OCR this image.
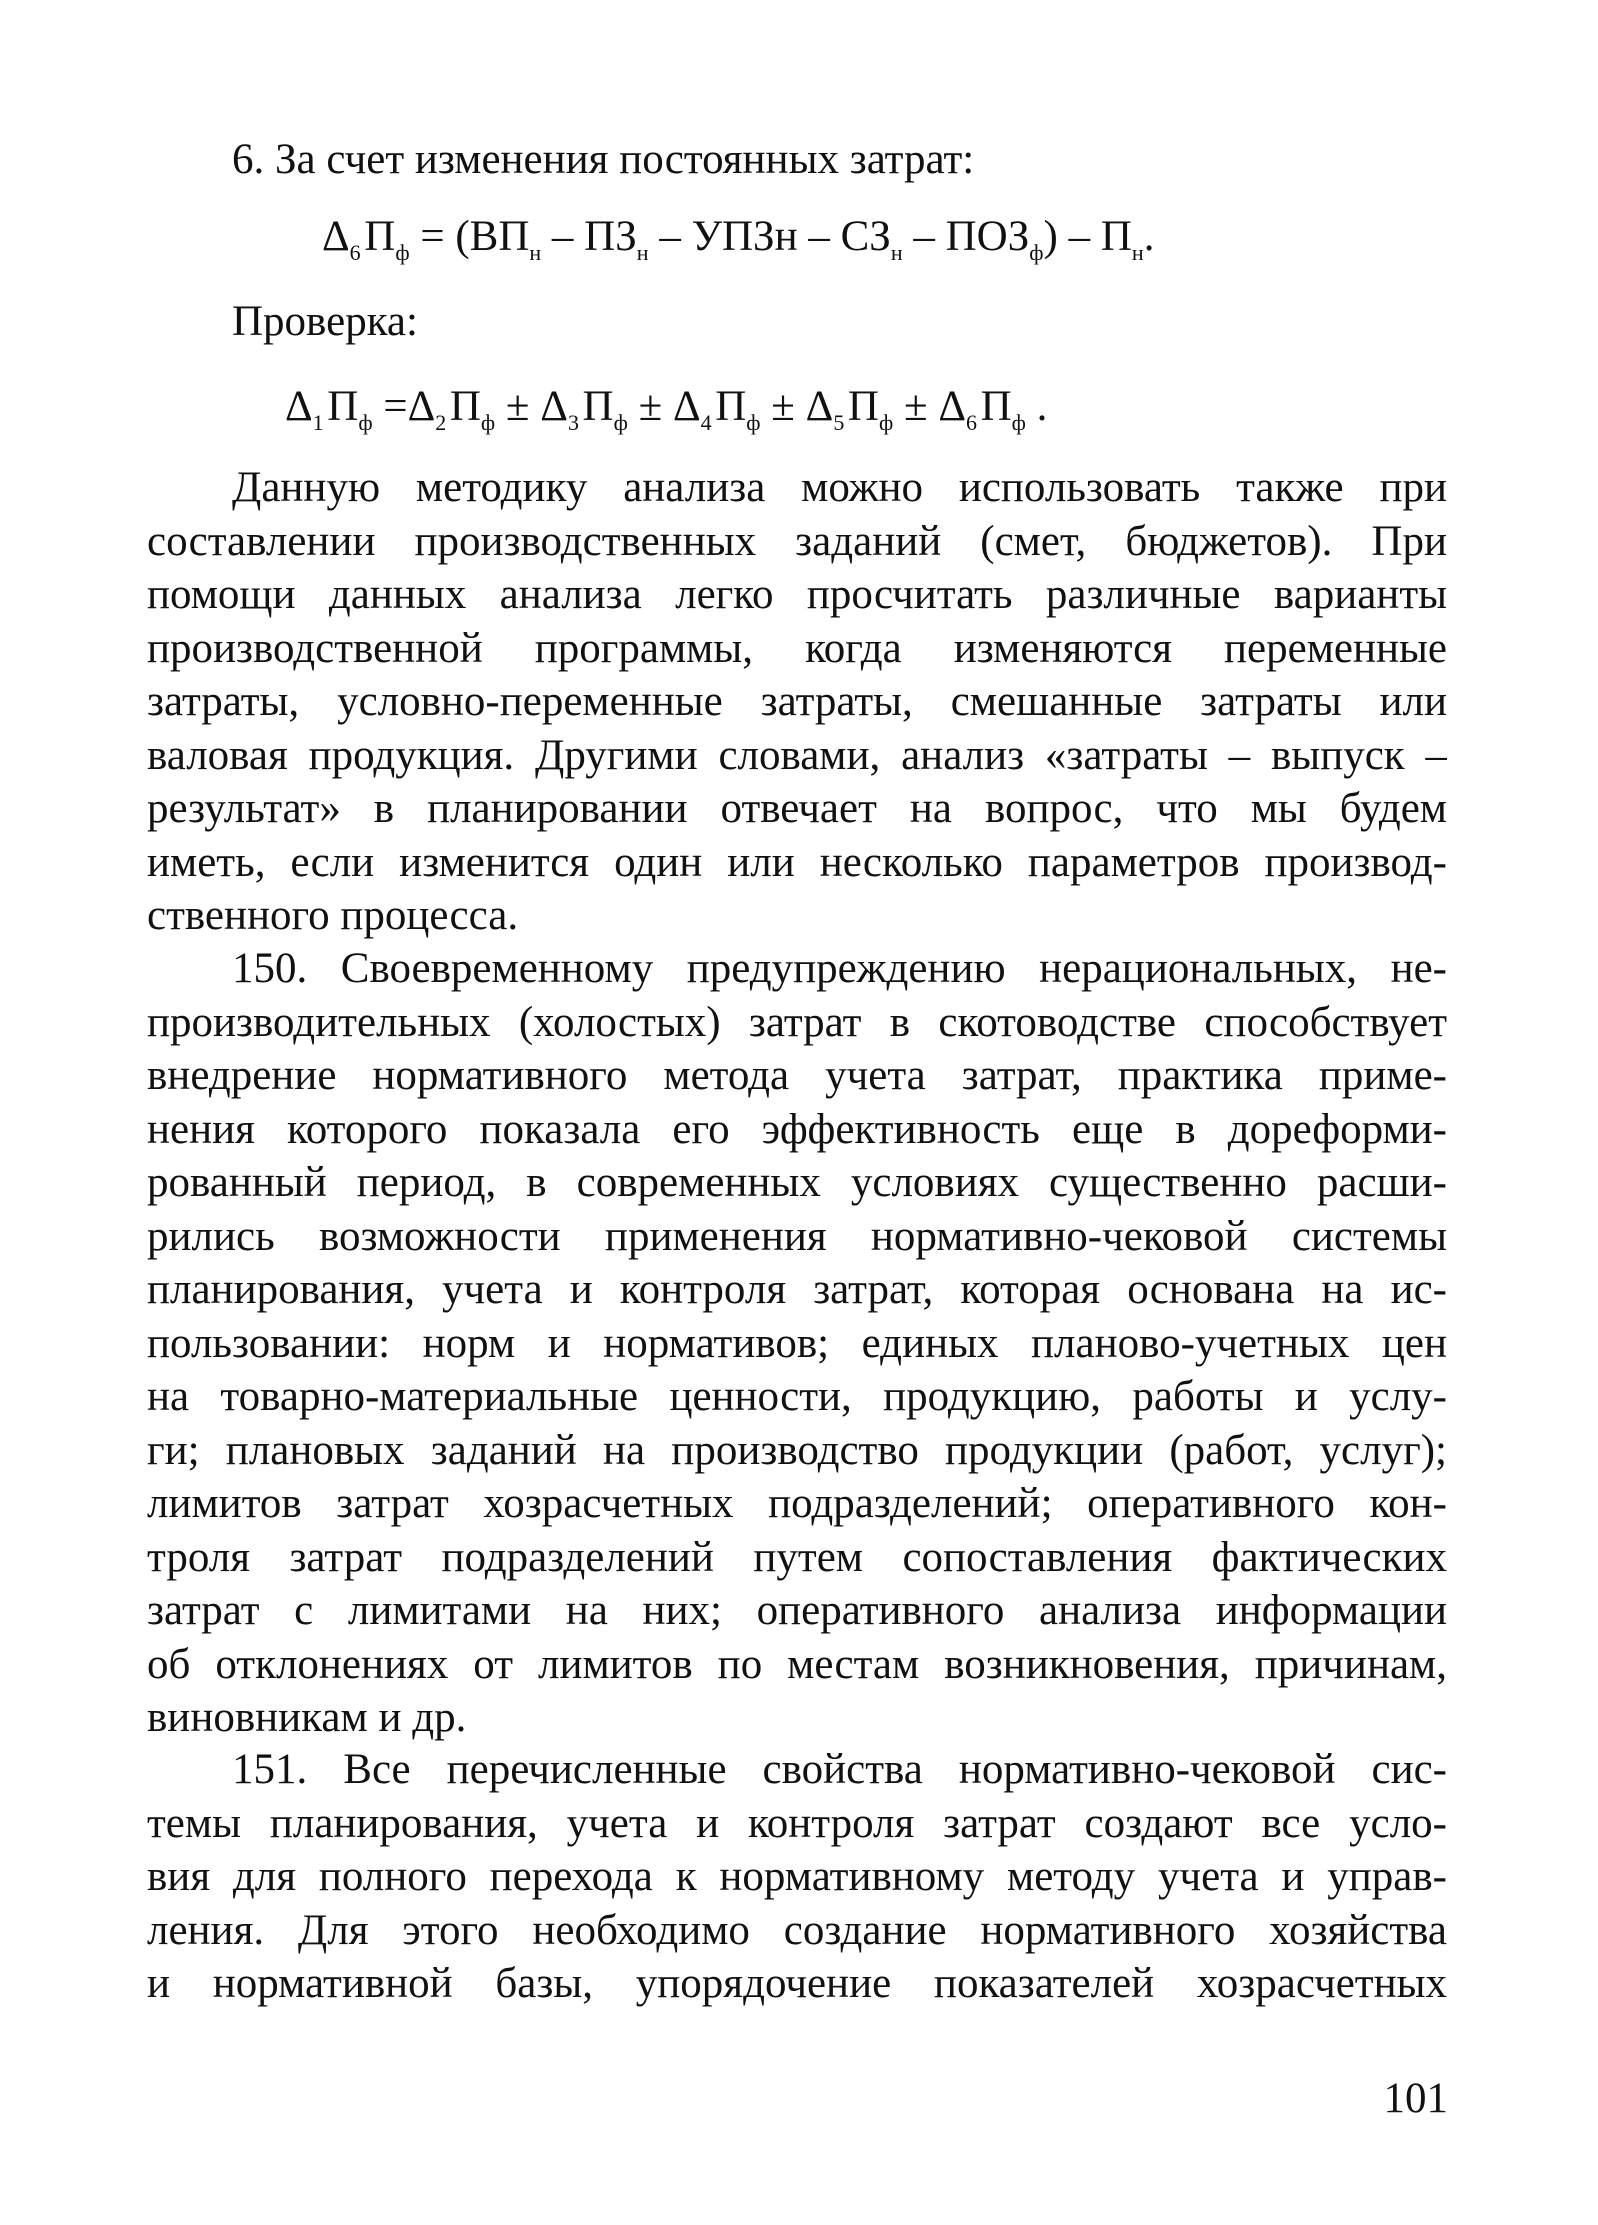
6. За счет изменения постоянных затрат:
$\Delta_6$ $П_ф = (ВП_н - ПЗ_н$ – УПЗн – $СЗ_н - ПОЗ_ф) - П_н$.
Проверка:
$\Delta_1$ $П_ф =\Delta_2$ $П_ф \pm \Delta_3$ $П_ф \pm \Delta_4$ $П_ф \pm \Delta_5$ $П_ф \pm \Delta_6$ $П_ф$ .
Данную методику анализа можно использовать также при
составлении производственных заданий (смет, бюджетов). При
помощи данных анализа легко просчитать различные варианты
производственной программы, когда изменяются переменные
затраты, условно-переменные затраты, смешанные затраты или
валовая продукция. Другими словами, анализ «затраты – выпуск –
результат» в планировании отвечает на вопрос, что мы будем
иметь, если изменится один или несколько параметров производ-
ственного процесса.
150. Своевременному предупреждению нерациональных, не-
производительных (холостых) затрат в скотоводстве способствует
внедрение нормативного метода учета затрат, практика приме-
нения которого показала его эффективность еще в дореформи-
рованный период, в современных условиях существенно расши-
рились возможности применения нормативно-чековой системы
планирования, учета и контроля затрат, которая основана на ис-
пользовании: норм и нормативов; единых планово-учетных цен
на товарно-материальные ценности, продукцию, работы и услу-
ги; плановых заданий на производство продукции (работ, услуг);
лимитов затрат хозрасчетных подразделений; оперативного кон-
троля затрат подразделений путем сопоставления фактических
затрат с лимитами на них; оперативного анализа информации
об отклонениях от лимитов по местам возникновения, причинам,
виновникам и др.
151. Все перечисленные свойства нормативно-чековой сис-
темы планирования, учета и контроля затрат создают все усло-
вия для полного перехода к нормативному методу учета и управ-
ления. Для этого необходимо создание нормативного хозяйства
и нормативной базы, упорядочение показателей хозрасчетных
101
